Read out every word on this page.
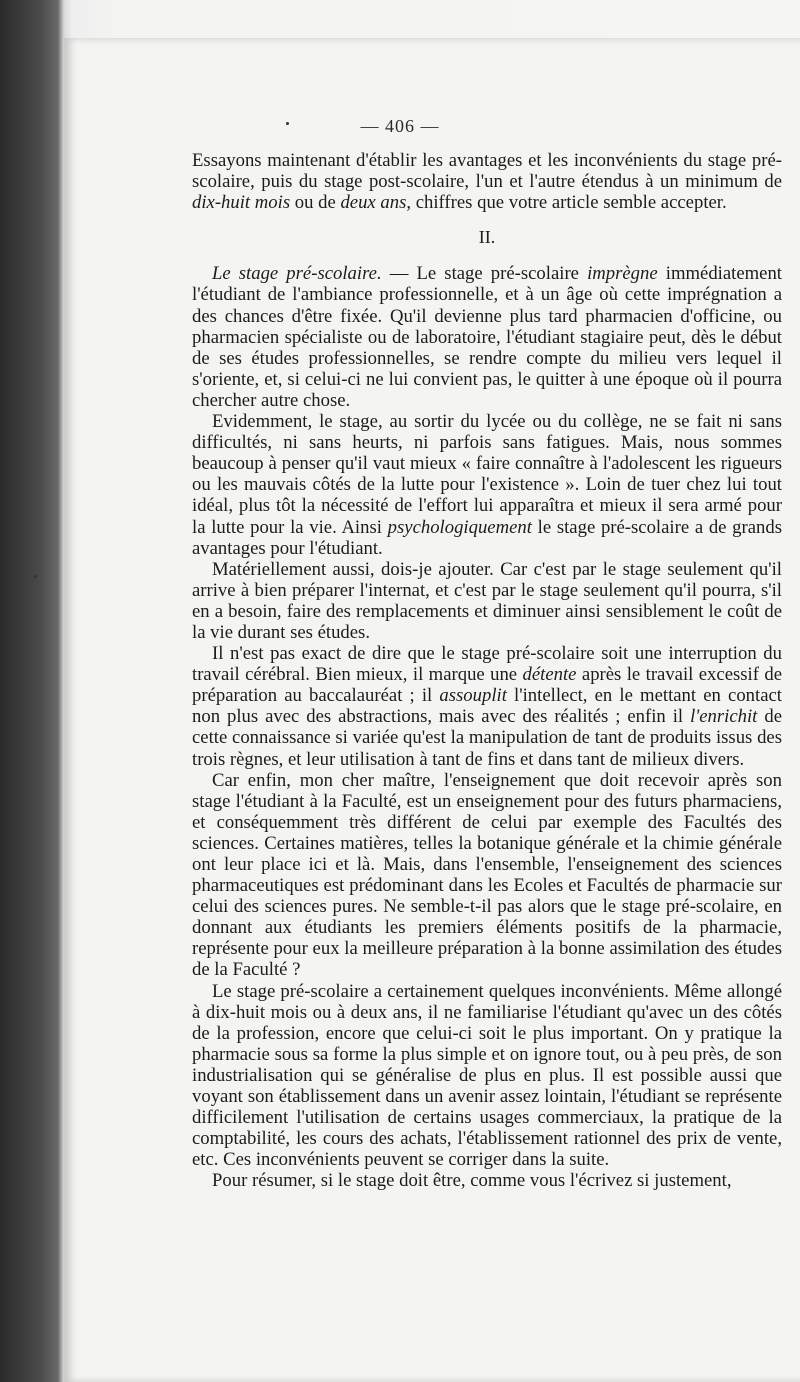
— 406 —

Essayons maintenant d'établir les avantages et les inconvénients du stage pré-scolaire, puis du stage post-scolaire, l'un et l'autre étendus à un minimum de dix-huit mois ou de deux ans, chiffres que votre article semble accepter.

II.

Le stage pré-scolaire. — Le stage pré-scolaire imprègne immédiatement l'étudiant de l'ambiance professionnelle, et à un âge où cette imprégnation a des chances d'être fixée. Qu'il devienne plus tard pharmacien d'officine, ou pharmacien spécialiste ou de laboratoire, l'étudiant stagiaire peut, dès le début de ses études professionnelles, se rendre compte du milieu vers lequel il s'oriente, et, si celui-ci ne lui convient pas, le quitter à une époque où il pourra chercher autre chose.

Evidemment, le stage, au sortir du lycée ou du collège, ne se fait ni sans difficultés, ni sans heurts, ni parfois sans fatigues. Mais, nous sommes beaucoup à penser qu'il vaut mieux « faire connaître à l'adolescent les rigueurs ou les mauvais côtés de la lutte pour l'existence ». Loin de tuer chez lui tout idéal, plus tôt la nécessité de l'effort lui apparaîtra et mieux il sera armé pour la lutte pour la vie. Ainsi psychologiquement le stage pré-scolaire a de grands avantages pour l'étudiant.

Matériellement aussi, dois-je ajouter. Car c'est par le stage seulement qu'il arrive à bien préparer l'internat, et c'est par le stage seulement qu'il pourra, s'il en a besoin, faire des remplacements et diminuer ainsi sensiblement le coût de la vie durant ses études.

Il n'est pas exact de dire que le stage pré-scolaire soit une interruption du travail cérébral. Bien mieux, il marque une détente après le travail excessif de préparation au baccalauréat ; il assouplit l'intellect, en le mettant en contact non plus avec des abstractions, mais avec des réalités ; enfin il l'enrichit de cette connaissance si variée qu'est la manipulation de tant de produits issus des trois règnes, et leur utilisation à tant de fins et dans tant de milieux divers.

Car enfin, mon cher maître, l'enseignement que doit recevoir après son stage l'étudiant à la Faculté, est un enseignement pour des futurs pharmaciens, et conséquemment très différent de celui par exemple des Facultés des sciences. Certaines matières, telles la botanique générale et la chimie générale ont leur place ici et là. Mais, dans l'ensemble, l'enseignement des sciences pharmaceutiques est prédominant dans les Ecoles et Facultés de pharmacie sur celui des sciences pures. Ne semble-t-il pas alors que le stage pré-scolaire, en donnant aux étudiants les premiers éléments positifs de la pharmacie, représente pour eux la meilleure préparation à la bonne assimilation des études de la Faculté ?

Le stage pré-scolaire a certainement quelques inconvénients. Même allongé à dix-huit mois ou à deux ans, il ne familiarise l'étudiant qu'avec un des côtés de la profession, encore que celui-ci soit le plus important. On y pratique la pharmacie sous sa forme la plus simple et on ignore tout, ou à peu près, de son industrialisation qui se généralise de plus en plus. Il est possible aussi que voyant son établissement dans un avenir assez lointain, l'étudiant se représente difficilement l'utilisation de certains usages commerciaux, la pratique de la comptabilité, les cours des achats, l'établissement rationnel des prix de vente, etc. Ces inconvénients peuvent se corriger dans la suite.

Pour résumer, si le stage doit être, comme vous l'écrivez si justement,
